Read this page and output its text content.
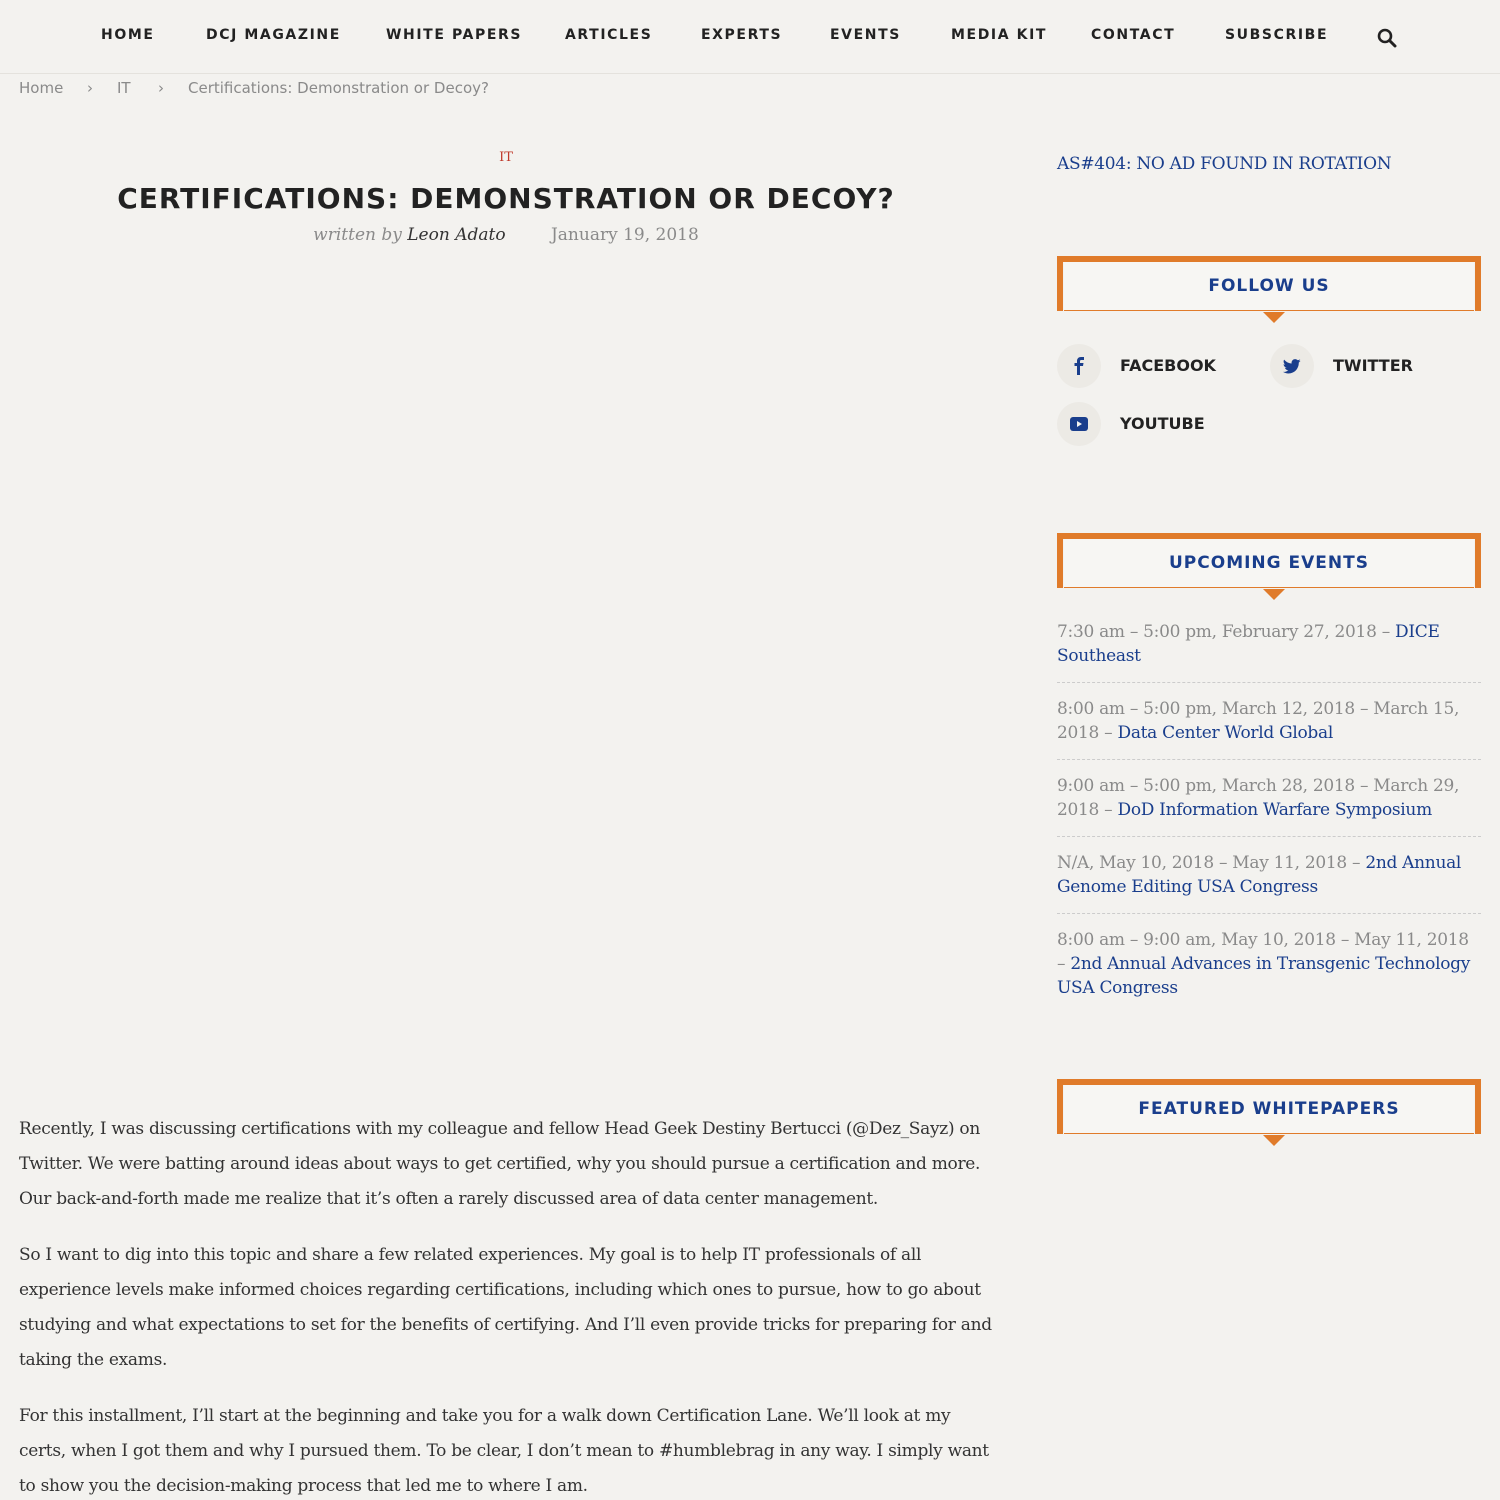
HOME	DCJ MAGAZINE	WHITE PAPERS	ARTICLES	EXPERTS	EVENTS	MEDIA KIT	CONTACT	SUBSCRIBE
Home › IT › Certifications: Demonstration or Decoy?
IT
CERTIFICATIONS: DEMONSTRATION OR DECOY?
written by Leon Adato	January 19, 2018

Recently, I was discussing certifications with my colleague and fellow Head Geek Destiny Bertucci (@Dez_Sayz) on Twitter. We were batting around ideas about ways to get certified, why you should pursue a certification and more. Our back-and-forth made me realize that it’s often a rarely discussed area of data center management.

So I want to dig into this topic and share a few related experiences. My goal is to help IT professionals of all experience levels make informed choices regarding certifications, including which ones to pursue, how to go about studying and what expectations to set for the benefits of certifying. And I’ll even provide tricks for preparing for and taking the exams.

For this installment, I’ll start at the beginning and take you for a walk down Certification Lane. We’ll look at my certs, when I got them and why I pursued them. To be clear, I don’t mean to #humblebrag in any way. I simply want to show you the decision-making process that led me to where I am.

AS#404: NO AD FOUND IN ROTATION
FOLLOW US
FACEBOOK	TWITTER
YOUTUBE
UPCOMING EVENTS
7:30 am – 5:00 pm, February 27, 2018 – DICE Southeast
8:00 am – 5:00 pm, March 12, 2018 – March 15, 2018 – Data Center World Global
9:00 am – 5:00 pm, March 28, 2018 – March 29, 2018 – DoD Information Warfare Symposium
N/A, May 10, 2018 – May 11, 2018 – 2nd Annual Genome Editing USA Congress
8:00 am – 9:00 am, May 10, 2018 – May 11, 2018 – 2nd Annual Advances in Transgenic Technology USA Congress
FEATURED WHITEPAPERS
